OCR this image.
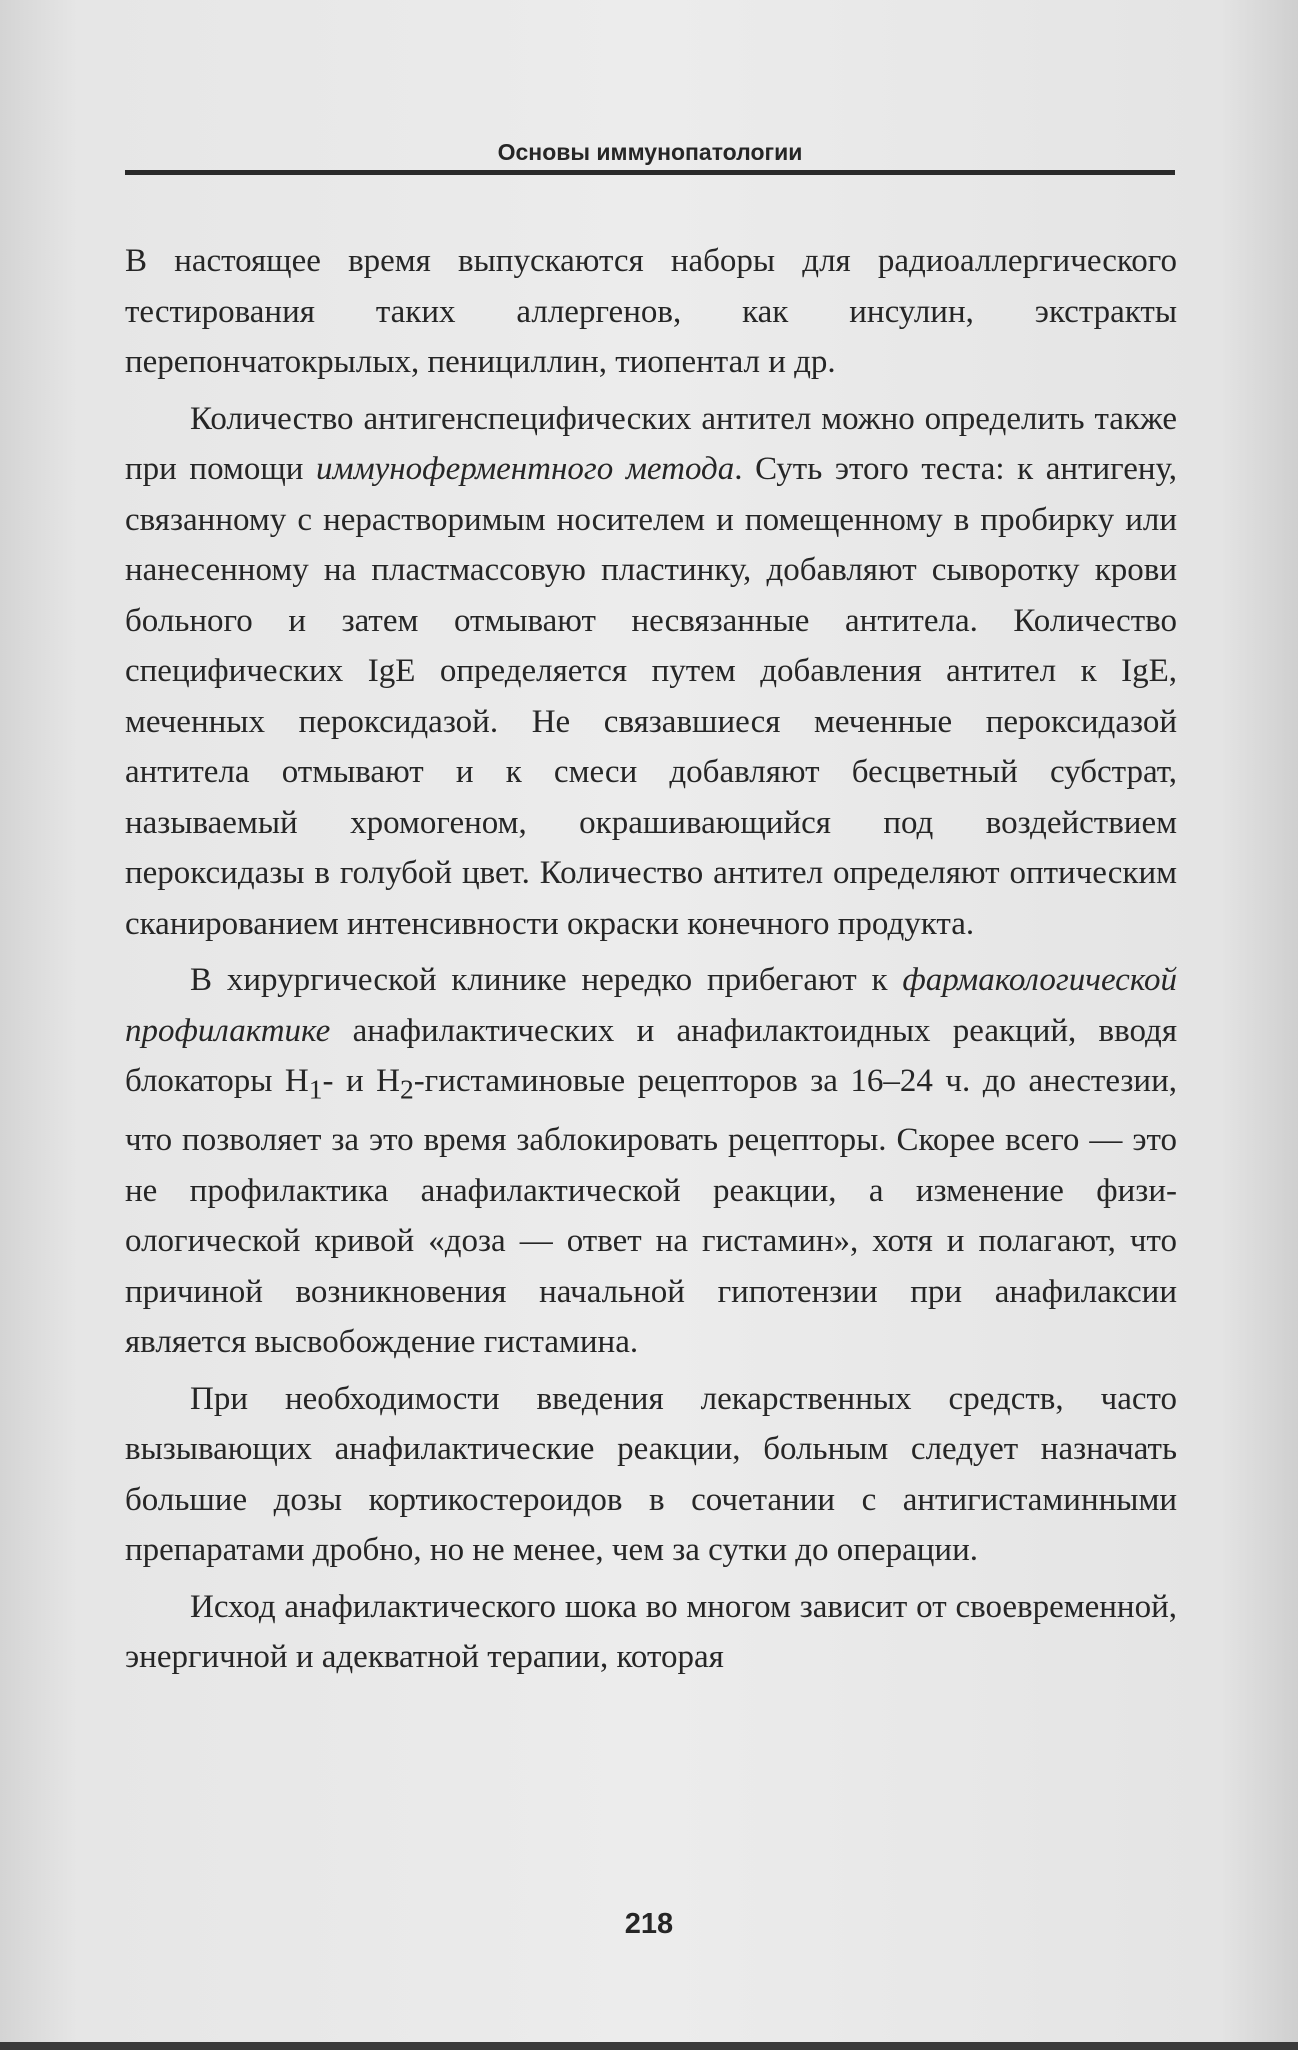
Основы иммунопатологии

В настоящее время выпускаются наборы для радиоаллергического тестирования таких аллергенов, как инсулин, экстракты перепончатокрылых, пенициллин, тиопентал и др.

Количество антигенспецифических антител можно определить также при помощи иммуноферментного метода. Суть этого теста: к антигену, связанному с нерастворимым носителем и помещенному в пробирку или нанесенному на пластмассовую пластинку, добавляют сыворотку крови больного и затем отмывают несвязанные антитела. Количество специфических IgE определяется путем добавления антител к IgE, меченных пероксидазой. Не связавшиеся меченные пероксидазой антитела отмывают и к смеси добавляют бесцветный субстрат, называемый хромогеном, окрашивающийся под воздействием пероксидазы в голубой цвет. Количество антител определяют оптическим сканированием интенсивности окраски конечного продукта.

В хирургической клинике нередко прибегают к фармакологической профилактике анафилактических и анафилактоидных реакций, вводя блокаторы $H_1-$ и $H_2$-гистаминовые рецепторов за 16–24 ч. до анестезии, что позволяет за это время заблокировать рецепторы. Скорее всего — это не профилактика анафилактической реакции, а изменение физиологической кривой «доза — ответ на гистамин», хотя и полагают, что причиной возникновения начальной гипотензии при анафилаксии является высвобождение гистамина.

При необходимости введения лекарственных средств, часто вызывающих анафилактические реакции, больным следует назначать большие дозы кортикостероидов в сочетании с антигистаминными препаратами дробно, но не менее, чем за сутки до операции.

Исход анафилактического шока во многом зависит от своевременной, энергичной и адекватной терапии, которая

218
